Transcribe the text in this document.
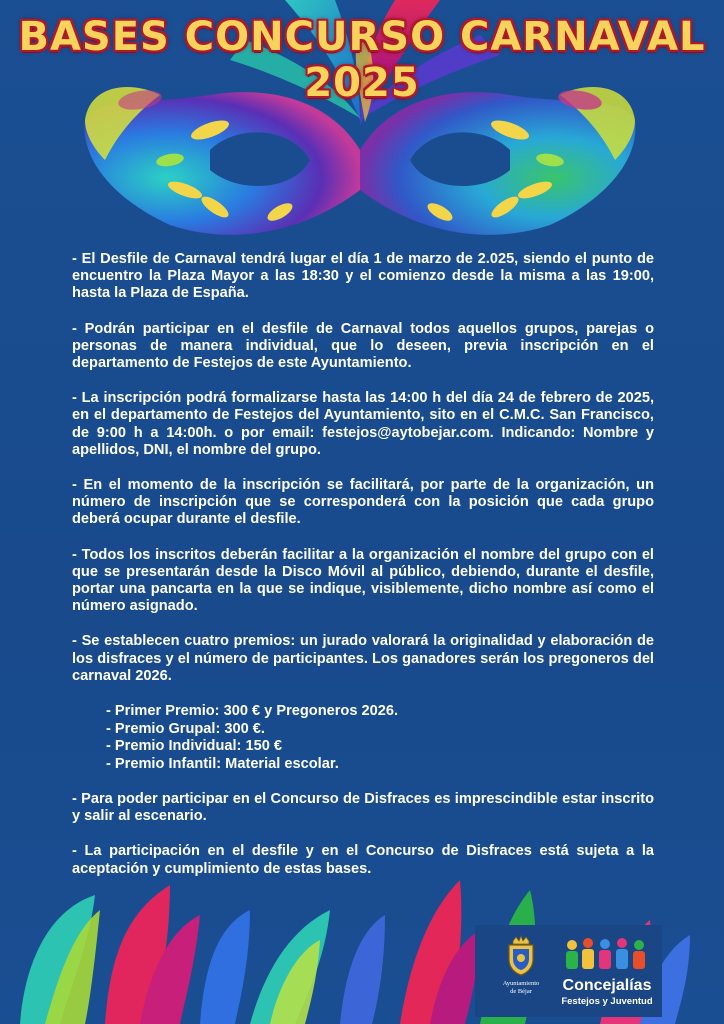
BASES CONCURSO CARNAVAL 2025

- El Desfile de Carnaval tendrá lugar el día 1 de marzo de 2.025, siendo el punto de encuentro la Plaza Mayor a las 18:30 y el comienzo desde la misma a las 19:00, hasta la Plaza de España.

- Podrán participar en el desfile de Carnaval todos aquellos grupos, parejas o personas de manera individual, que lo deseen, previa inscripción en el departamento de Festejos de este Ayuntamiento.

- La inscripción podrá formalizarse hasta las 14:00 h del día 24 de febrero de 2025, en el departamento de Festejos del Ayuntamiento, sito en el C.M.C. San Francisco, de 9:00 h a 14:00h. o por email: festejos@aytobejar.com. Indicando: Nombre y apellidos, DNI, el nombre del grupo.

- En el momento de la inscripción se facilitará, por parte de la organización, un número de inscripción que se corresponderá con la posición que cada grupo deberá ocupar durante el desfile.

- Todos los inscritos deberán facilitar a la organización el nombre del grupo con el que se presentarán desde la Disco Móvil al público, debiendo, durante el desfile, portar una pancarta en la que se indique, visiblemente, dicho nombre así como el número asignado.

- Se establecen cuatro premios: un jurado valorará la originalidad y elaboración de los disfraces y el número de participantes. Los ganadores serán los pregoneros del carnaval 2026.

- Primer Premio: 300 € y Pregoneros 2026.
- Premio Grupal: 300 €.
- Premio Individual: 150 €
- Premio Infantil: Material escolar.

- Para poder participar en el Concurso de Disfraces es imprescindible estar inscrito y salir al escenario.

- La participación en el desfile y en el Concurso de Disfraces está sujeta a la aceptación y cumplimiento de estas bases.

Ayuntamiento
de Béjar	Concejalías
Festejos y Juventud
